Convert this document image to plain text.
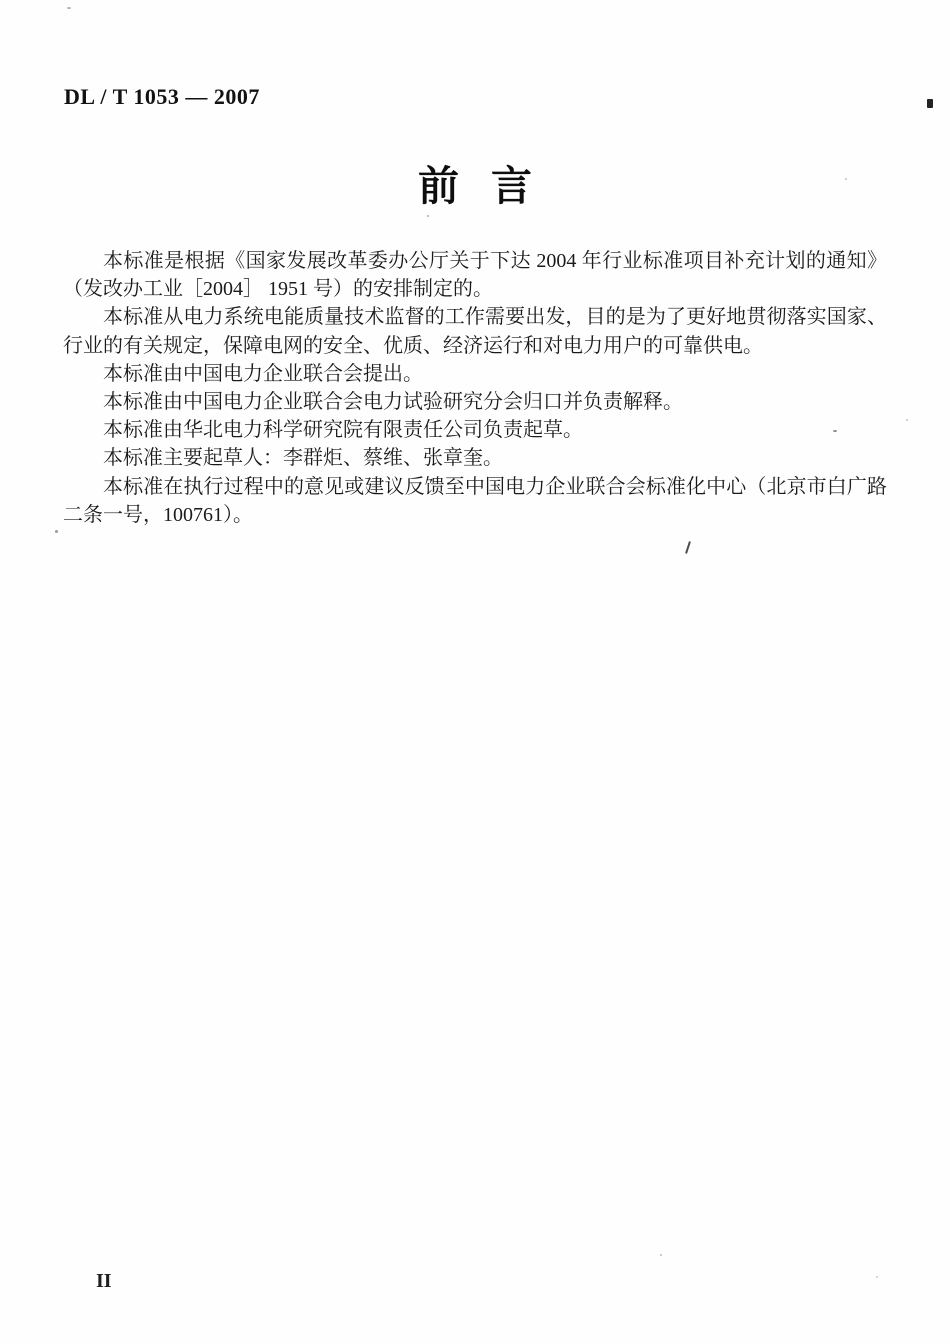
DL / T 1053 — 2007
前 言

本标准是根据《国家发展改革委办公厅关于下达 2004 年行业标准项目补充计划的通知》（发改办工业［2004］ 1951 号）的安排制定的。

本标准从电力系统电能质量技术监督的工作需要出发，目的是为了更好地贯彻落实国家、行业的有关规定，保障电网的安全、优质、经济运行和对电力用户的可靠供电。

本标准由中国电力企业联合会提出。

本标准由中国电力企业联合会电力试验研究分会归口并负责解释。

本标准由华北电力科学研究院有限责任公司负责起草。

本标准主要起草人：李群炬、蔡维、张章奎。

本标准在执行过程中的意见或建议反馈至中国电力企业联合会标准化中心（北京市白广路二条一号，100761）。

II
